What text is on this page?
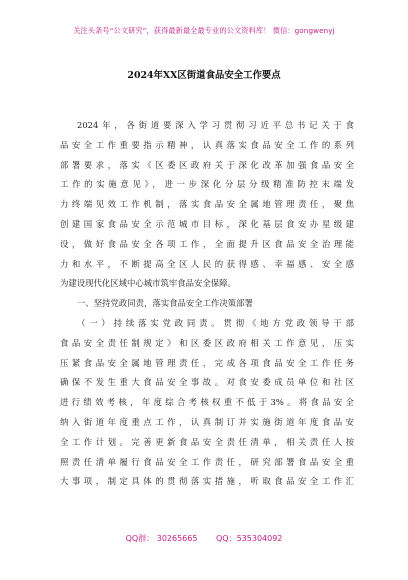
关注头条号“公文研究”，获得最新最全最专业的公文资料库！ 微信：gongwenyj
2024年XX区街道食品安全工作要点
2024年，各街道要深入学习贯彻习近平总书记关于食
品安全工作重要指示精神，认真落实食品安全工作的系列
部署要求，落实《区委区政府关于深化改革加强食品安全
工作的实施意见》，进一步深化分层分级精准防控末端发
力终端见效工作机制，落实食品安全属地管理责任，聚焦
创建国家食品安全示范城市目标，深化基层食安办星级建
设，做好食品安全各项工作，全面提升区食品安全治理能
力和水平，不断提高全区人民的获得感、幸福感、安全感
为建设现代化区域中心城市筑牢食品安全保障。
一、坚持党政同责，落实食品安全工作决策部署
（一）持续落实党政同责。贯彻《地方党政领导干部
食品安全责任制规定》和区委区政府相关工作意见，压实
压紧食品安全属地管理责任，完成各项食品安全工作任务
确保不发生重大食品安全事故。对食安委成员单位和社区
进行绩效考核，年度综合考核权重不低于3%。将食品安全
纳入街道年度重点工作，认真制订并实施街道年度食品安
全工作计划。完善更新食品安全责任清单，相关责任人按
照责任清单履行食品安全工作责任，研究部署食品安全重
大事项，制定具体的贯彻落实措施，听取食品安全工作汇
QQ群： 30265665 QQ：535304092
